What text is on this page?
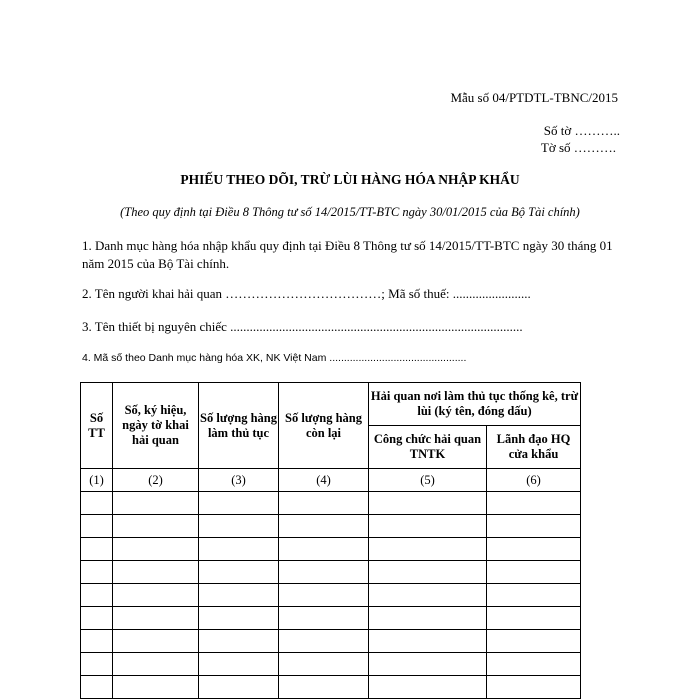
Mẫu số 04/PTDTL-TBNC/2015
Số tờ ………..
Tờ số ……….
PHIẾU THEO DÕI, TRỪ LÙI HÀNG HÓA NHẬP KHẨU
(Theo quy định tại Điều 8 Thông tư số 14/2015/TT-BTC ngày 30/01/2015 của Bộ Tài chính)
1. Danh mục hàng hóa nhập khẩu quy định tại Điều 8 Thông tư số 14/2015/TT-BTC ngày 30 tháng 01 năm 2015 của Bộ Tài chính.
2. Tên người khai hải quan ………………………………; Mã số thuế: ........................
3. Tên thiết bị nguyên chiếc ..........................................................................................
4. Mã số theo Danh mục hàng hóa XK, NK Việt Nam ...............................................
Số TT	Số, ký hiệu, ngày tờ khai hải quan	Số lượng hàng làm thủ tục	Số lượng hàng còn lại	Hải quan nơi làm thủ tục thống kê, trừ lùi (ký tên, đóng dấu)	
				Công chức hải quan TNTK	Lãnh đạo HQ cửa khẩu
(1)	(2)	(3)	(4)	(5)	(6)
